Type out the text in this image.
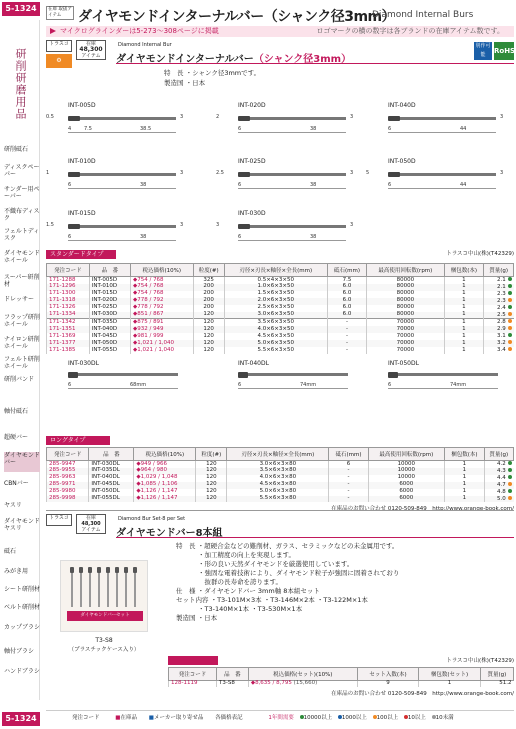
5-1324
研削研磨用品
研削砥石
ディスクペーパー
サンダー用ペーパー
不織布ディスク
フェルトディスク
ダイヤモンドホイール
スーパー研削材
ドレッサー
フラップ研削ホイール
ナイロン研削ホイール
フェルト研削ホイール
研削バンド
軸付砥石
超硬バー
ダイヤモンドバー
CBNバー
ヤスリ
ダイヤモンドヤスリ
砥石
みがき用
シート研削材
ベルト研削材
カップブラシ
軸付ブラシ
ハンドブラシ
在庫 取扱アイテム	ダイヤモンドインターナルバー（シャンク径3mm）
Diamond Internal Burs
マイクログラインダーは5-273〜308ページに掲載	ロゴマークの横の数字は各ブランドの在庫アイテム数です。
トラスコ	在庫
48,300
アイテム
⚙
Diamond Internal Bur
ダイヤモンドインターナルバー（シャンク径3mm）
別作可能	RoHS
特　長 ・シャンク径3mmです。
製造国 ・日本
INT-005D
0.5	3
4	7.5	38.5
INT-020D
2	3
6	38
INT-040D
3
6	44
INT-010D
1	3
6	38
INT-025D
2.5	3
6	38
INT-050D
5	3
6	44
INT-015D
1.5	3
6	38
INT-030D
3	3
6	38
スタンダードタイプ	トラスコ中山(株)(T42329)
発注コード	品　番	税込価格(10%)	粒度(#)	刃径×刃長×軸径×全長(mm)	砥石(mm)	最高使用回転数(rpm)	梱包数(本)	質量(g)
171-1288	INT-005D	◆754 / 768	325	0.5×4×3×50	7.5	80000	1	2.1
171-1296	INT-010D	◆754 / 768	200	1.0×6×3×50	6.0	80000	1	2.1
171-1300	INT-015D	◆754 / 768	200	1.5×6×3×50	6.0	80000	1	2.3
171-1318	INT-020D	◆778 / 792	200	2.0×6×3×50	6.0	80000	1	2.3
171-1326	INT-025D	◆778 / 792	200	2.5×6×3×50	6.0	80000	1	2.4
171-1334	INT-030D	◆851 / 867	120	3.0×6×3×50	6.0	80000	1	2.5
171-1342	INT-035D	◆875 / 891	120	3.5×6×3×50	-	70000	1	2.8
171-1351	INT-040D	◆932 / 949	120	4.0×6×3×50	-	70000	1	2.9
171-1369	INT-045D	◆981 / 999	120	4.5×6×3×50	-	70000	1	3.1
171-1377	INT-050D	◆1,021 / 1,040	120	5.0×6×3×50	-	70000	1	3.2
171-1385	INT-055D	◆1,021 / 1,040	120	5.5×6×3×50	-	70000	1	3.4
INT-030DL
6	68mm
INT-040DL
6	74mm
INT-050DL
6	74mm
ロングタイプ
発注コード	品　番	税込価格(10%)	粒度(#)	刃径×刃長×軸径×全長(mm)	砥石(mm)	最高使用回転数(rpm)	梱包数(本)	質量(g)
285-9947	INT-030DL	◆949 / 966	120	3.0×6×3×80	6	10000	1	4.2
285-9955	INT-035DL	◆964 / 980	120	3.5×6×3×80	-	10000	1	4.3
285-9963	INT-040DL	◆1,029 / 1,048	120	4.0×6×3×80	-	10000	1	4.4
285-9971	INT-045DL	◆1,085 / 1,106	120	4.5×6×3×80	-	6000	1	4.7
285-9980	INT-050DL	◆1,126 / 1,147	120	5.0×6×3×80	-	6000	1	4.8
285-9998	INT-055DL	◆1,126 / 1,147	120	5.5×6×3×80	-	6000	1	5.0
在庫品のお問い合わせ 0120-509-849　http://www.orange-book.com/
トラスコ	在庫
48,300
アイテム
Diamond Bur Set·8 per Set
ダイヤモンドバー8本組
ダイヤモンドバーセット
T3-S8
（プラスチックケース入り）
特　長 ・超硬合金などの難削材、ガラス、セラミックなどの未金属用です。
・加工精度の向上を実現します。
・形の良い天然ダイヤモンドを厳選使用しています。
・強固な電着技術により、ダイヤモンド粒子が強固に固着されており
　抜群の長寿命を誇ります。
仕　様 ・ダイヤモンドバー 3mm軸 8本組セット
セット内容 ・T3-101M×3本 ・T3-146M×2本 ・T3-122M×1本
・T3-140M×1本 ・T3-530M×1本
製造国 ・日本

トラスコ中山(株)(T42329)
発注コード	品　番	税込価格(セット)(10%)	セット入数(本)	梱包数(セット)	質量(g)
128-1119	T3-S8	◆8,635 / 8,795 (15,660)	9	1	51.2
在庫品のお問い合わせ 0120-509-849　http://www.orange-book.com/
5-1324	発注コード	■在庫品 ■メーカー取り寄せ品 各価格表記	1年間需要 10000以上 1000以上 100以上 10以上 10未満
